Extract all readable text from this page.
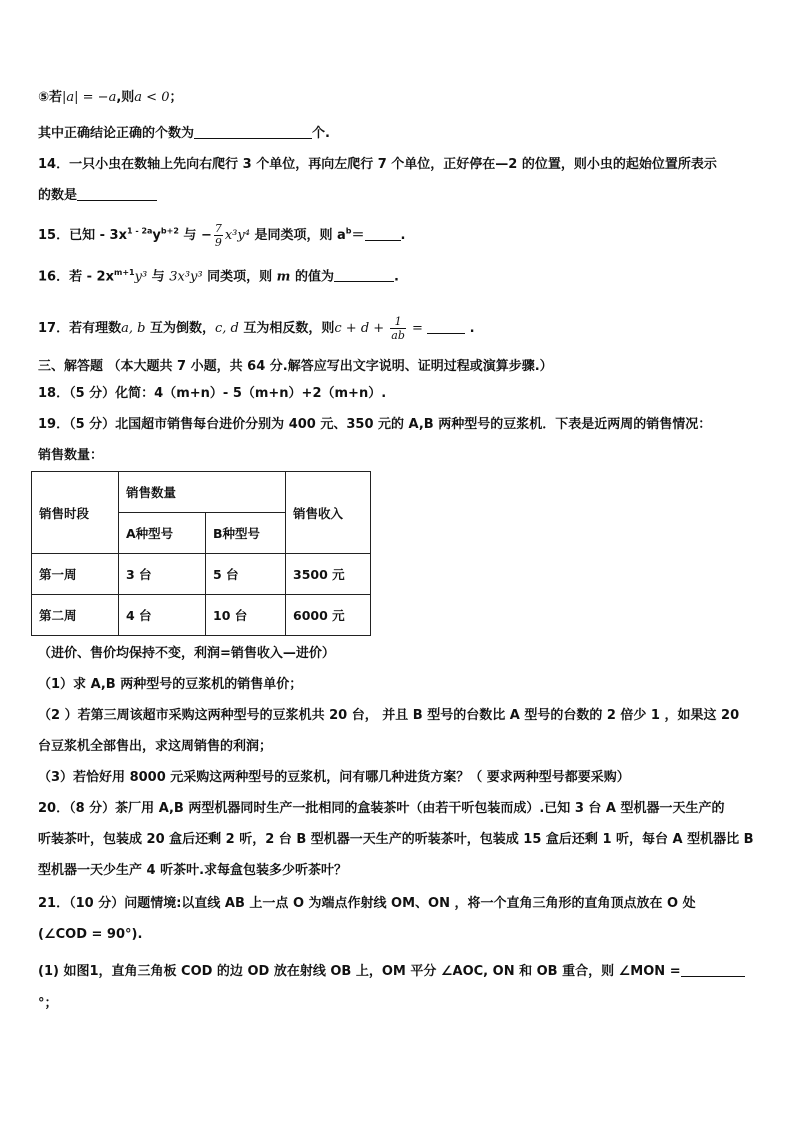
⑤若|a| = −a,则a < 0；
其中正确结论正确的个数为	个.
14．一只小虫在数轴上先向右爬行 3 个单位，再向左爬行 7 个单位，正好停在—2 的位置，则小虫的起始位置所表示
的数是
15．已知 - $3x^{1 - 2a}y^{b+2}$ 与 − $\frac{7}{9} x^3y^4$ 是同类项，则 $a^b=$	.
16．若 - $2x^{m+1}y^3$ 与 3x³y³ 同类项，则 m 的值为	.
17．若有理数a, b 互为倒数，c, d 互为相反数，则$c + d + \frac{1}{ab}$ =	.
三、解答题 （本大题共 7 小题，共 64 分.解答应写出文字说明、证明过程或演算步骤.）
18．（5 分）化简：4（m+n）- 5（m+n）+2（m+n）.
19．（5 分）北国超市销售每台进价分别为 400 元、350 元的 A,B 两种型号的豆浆机．下表是近两周的销售情况：
销售数量：
销售时段	销售数量		销售收入
	A种型号	B种型号	
第一周	3 台	5 台	3500 元
第二周	4 台	10 台	6000 元
（进价、售价均保持不变，利润=销售收入—进价）
（1）求 A,B 两种型号的豆浆机的销售单价；
（2 ）若第三周该超市采购这两种型号的豆浆机共 20 台， 并且 B 型号的台数比 A 型号的台数的 2 倍少 1 ，如果这 20
台豆浆机全部售出，求这周销售的利润；
（3）若恰好用 8000 元采购这两种型号的豆浆机，问有哪几种进货方案？（ 要求两种型号都要采购）
20．（8 分）茶厂用 A,B 两型机器同时生产一批相同的盒装茶叶（由若干听包装而成）.已知 3 台 A 型机器一天生产的
听装茶叶，包装成 20 盒后还剩 2 听，2 台 B 型机器一天生产的听装茶叶，包装成 15 盒后还剩 1 听，每台 A 型机器比 B
型机器一天少生产 4 听茶叶.求每盒包装多少听茶叶？
21．（10 分）问题情境:以直线 AB 上一点 O 为端点作射线 OM、ON ，将一个直角三角形的直角顶点放在 O 处
(∠COD = 90°).
(1) 如图1，直角三角板 COD 的边 OD 放在射线 OB 上，OM 平分 ∠AOC, ON 和 OB 重合，则 ∠MON =
°；
